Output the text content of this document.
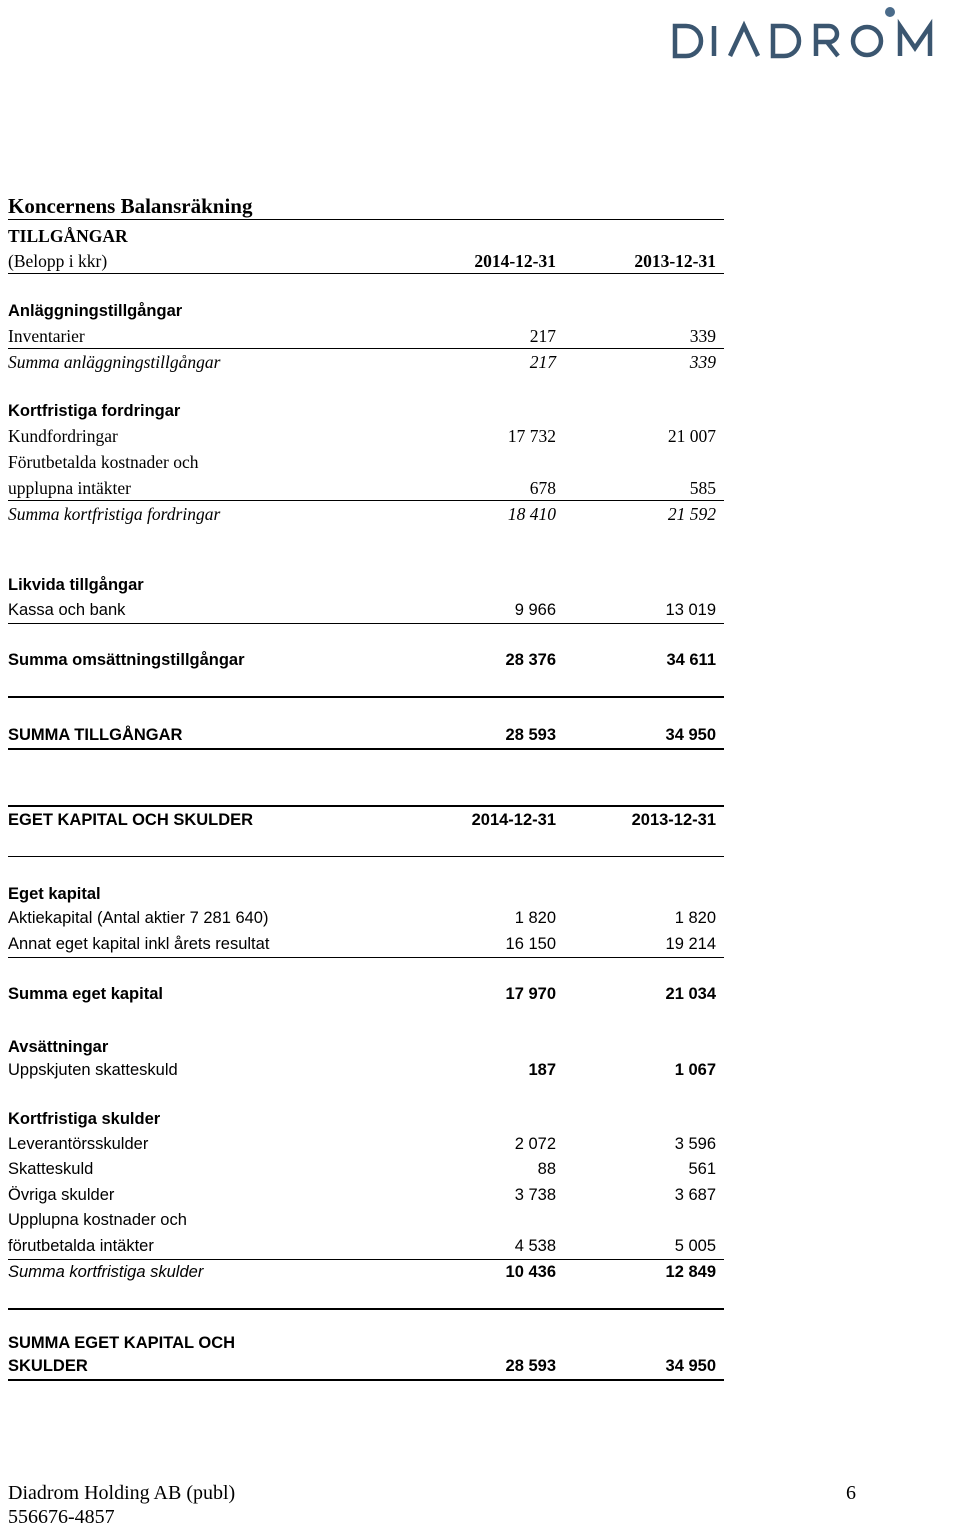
Koncernens Balansräkning
TILLGÅNGAR
(Belopp i kkr)	2014-12-31	2013-12-31
Anläggningstillgångar
Inventarier	217	339
Summa anläggningstillgångar	217	339
Kortfristiga fordringar
Kundfordringar	17 732	21 007
Förutbetalda kostnader och
upplupna intäkter	678	585
Summa kortfristiga fordringar	18 410	21 592
Likvida tillgångar
Kassa och bank	9 966	13 019
Summa omsättningstillgångar	28 376	34 611
SUMMA TILLGÅNGAR	28 593	34 950
EGET KAPITAL OCH SKULDER	2014-12-31	2013-12-31
Eget kapital
Aktiekapital (Antal aktier 7 281 640)	1 820	1 820
Annat eget kapital inkl årets resultat	16 150	19 214
Summa eget kapital	17 970	21 034
Avsättningar
Uppskjuten skatteskuld	187	1 067
Kortfristiga skulder
Leverantörsskulder	2 072	3 596
Skatteskuld	88	561
Övriga skulder	3 738	3 687
Upplupna kostnader och
förutbetalda intäkter	4 538	5 005
Summa kortfristiga skulder	10 436	12 849
SUMMA EGET KAPITAL OCH
SKULDER	28 593	34 950
Diadrom Holding AB (publ)
556676-4857
6
